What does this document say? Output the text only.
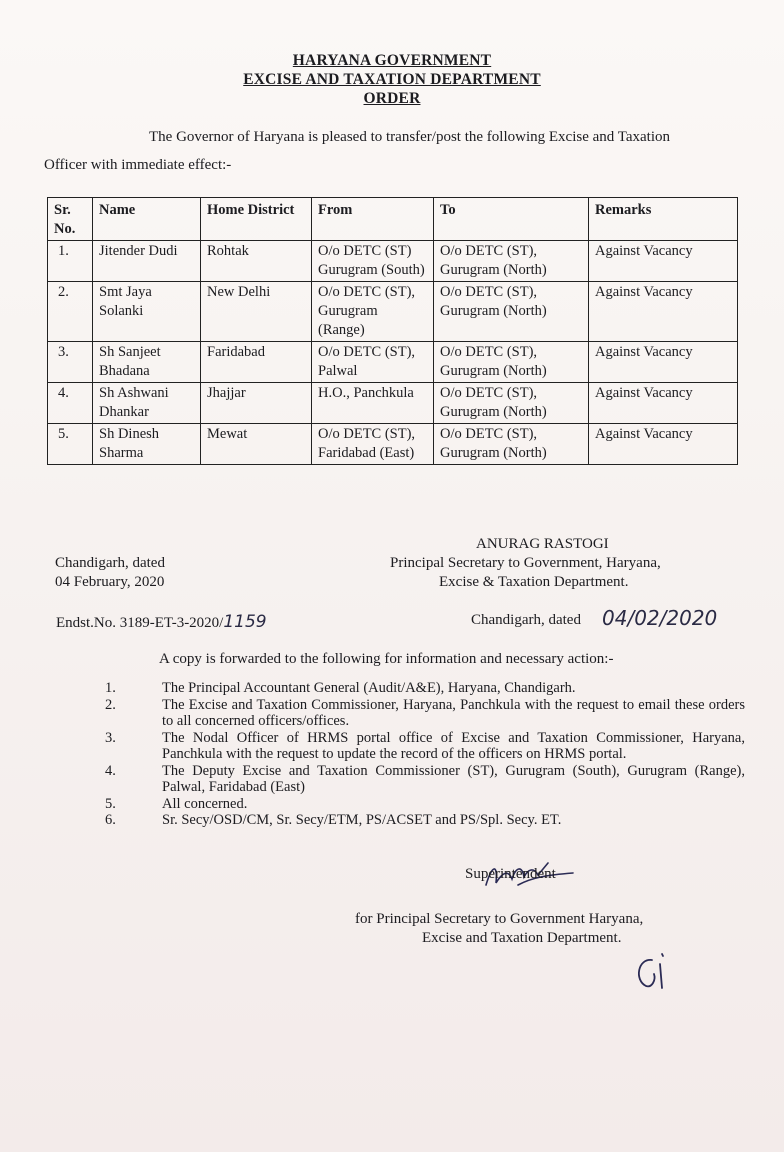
HARYANA GOVERNMENT
EXCISE AND TAXATION DEPARTMENT
ORDER
The Governor of Haryana is pleased to transfer/post the following Excise and Taxation
Officer with immediate effect:-
Sr. No.	Name	Home District	From	To	Remarks
1.	Jitender Dudi	Rohtak	O/o DETC (ST) Gurugram (South)	O/o DETC (ST), Gurugram (North)	Against Vacancy
2.	Smt Jaya Solanki	New Delhi	O/o DETC (ST), Gurugram (Range)	O/o DETC (ST), Gurugram (North)	Against Vacancy
3.	Sh Sanjeet Bhadana	Faridabad	O/o DETC (ST), Palwal	O/o DETC (ST), Gurugram (North)	Against Vacancy
4.	Sh Ashwani Dhankar	Jhajjar	H.O., Panchkula	O/o DETC (ST), Gurugram (North)	Against Vacancy
5.	Sh Dinesh Sharma	Mewat	O/o DETC (ST), Faridabad (East)	O/o DETC (ST), Gurugram (North)	Against Vacancy
ANURAG RASTOGI
Principal Secretary to Government, Haryana,
Excise & Taxation Department.
Chandigarh, dated
04 February, 2020
Endst.No. 3189-ET-3-2020/1159	Chandigarh, dated 04/02/2020
A copy is forwarded to the following for information and necessary action:-
1.	The Principal Accountant General (Audit/A&E), Haryana, Chandigarh.
2.	The Excise and Taxation Commissioner, Haryana, Panchkula with the request to email these orders to all concerned officers/offices.
3.	The Nodal Officer of HRMS portal office of Excise and Taxation Commissioner, Haryana, Panchkula with the request to update the record of the officers on HRMS portal.
4.	The Deputy Excise and Taxation Commissioner (ST), Gurugram (South), Gurugram (Range), Palwal, Faridabad (East)
5.	All concerned.
6.	Sr. Secy/OSD/CM, Sr. Secy/ETM, PS/ACSET and PS/Spl. Secy. ET.
Superintendent
for Principal Secretary to Government Haryana,
Excise and Taxation Department.
